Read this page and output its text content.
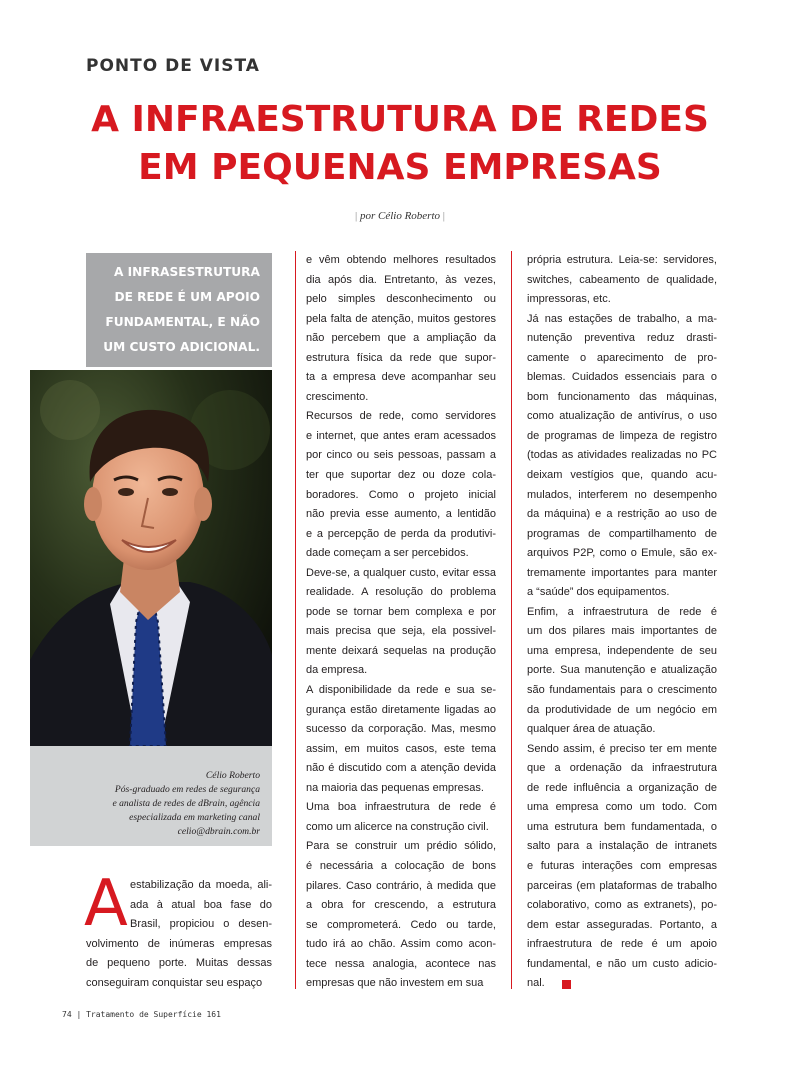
PONTO DE VISTA
A INFRAESTRUTURA DE REDES
EM PEQUENAS EMPRESAS
| por Célio Roberto |
A INFRASESTRUTURA
DE REDE É UM APOIO
FUNDAMENTAL, E NÃO
UM CUSTO ADICIONAL.
Célio Roberto
Pós-graduado em redes de segurança
e analista de redes de dBrain, agência
especializada em marketing canal
celio@dbrain.com.br
A estabilização da moeda, ali-
ada à atual boa fase do
Brasil, propiciou o desen-
volvimento de inúmeras empresas
de pequeno porte. Muitas dessas
conseguiram conquistar seu espaço
e vêm obtendo melhores resultados
dia após dia. Entretanto, às vezes,
pelo simples desconhecimento ou
pela falta de atenção, muitos gestores
não percebem que a ampliação da
estrutura física da rede que supor-
ta a empresa deve acompanhar seu
crescimento.
Recursos de rede, como servidores
e internet, que antes eram acessados
por cinco ou seis pessoas, passam a
ter que suportar dez ou doze cola-
boradores. Como o projeto inicial
não previa esse aumento, a lentidão
e a percepção de perda da produtivi-
dade começam a ser percebidos.
Deve-se, a qualquer custo, evitar essa
realidade. A resolução do problema
pode se tornar bem complexa e por
mais precisa que seja, ela possivel-
mente deixará sequelas na produção
da empresa.
A disponibilidade da rede e sua se-
gurança estão diretamente ligadas ao
sucesso da corporação. Mas, mesmo
assim, em muitos casos, este tema
não é discutido com a atenção devida
na maioria das pequenas empresas.
Uma boa infraestrutura de rede é
como um alicerce na construção civil.
Para se construir um prédio sólido,
é necessária a colocação de bons
pilares. Caso contrário, à medida que
a obra for crescendo, a estrutura
se comprometerá. Cedo ou tarde,
tudo irá ao chão. Assim como acon-
tece nessa analogia, acontece nas
empresas que não investem em sua
própria estrutura. Leia-se: servidores,
switches, cabeamento de qualidade,
impressoras, etc.
Já nas estações de trabalho, a ma-
nutenção preventiva reduz drasti-
camente o aparecimento de pro-
blemas. Cuidados essenciais para o
bom funcionamento das máquinas,
como atualização de antivírus, o uso
de programas de limpeza de registro
(todas as atividades realizadas no PC
deixam vestígios que, quando acu-
mulados, interferem no desempenho
da máquina) e a restrição ao uso de
programas de compartilhamento de
arquivos P2P, como o Emule, são ex-
tremamente importantes para manter
a “saúde” dos equipamentos.
Enfim, a infraestrutura de rede é
um dos pilares mais importantes de
uma empresa, independente de seu
porte. Sua manutenção e atualização
são fundamentais para o crescimento
da produtividade de um negócio em
qualquer área de atuação.
Sendo assim, é preciso ter em mente
que a ordenação da infraestrutura
de rede influência a organização de
uma empresa como um todo. Com
uma estrutura bem fundamentada, o
salto para a instalação de intranets
e futuras interações com empresas
parceiras (em plataformas de trabalho
colaborativo, como as extranets), po-
dem estar asseguradas. Portanto, a
infraestrutura de rede é um apoio
fundamental, e não um custo adicio-
nal.
74 | Tratamento de Superfície 161
